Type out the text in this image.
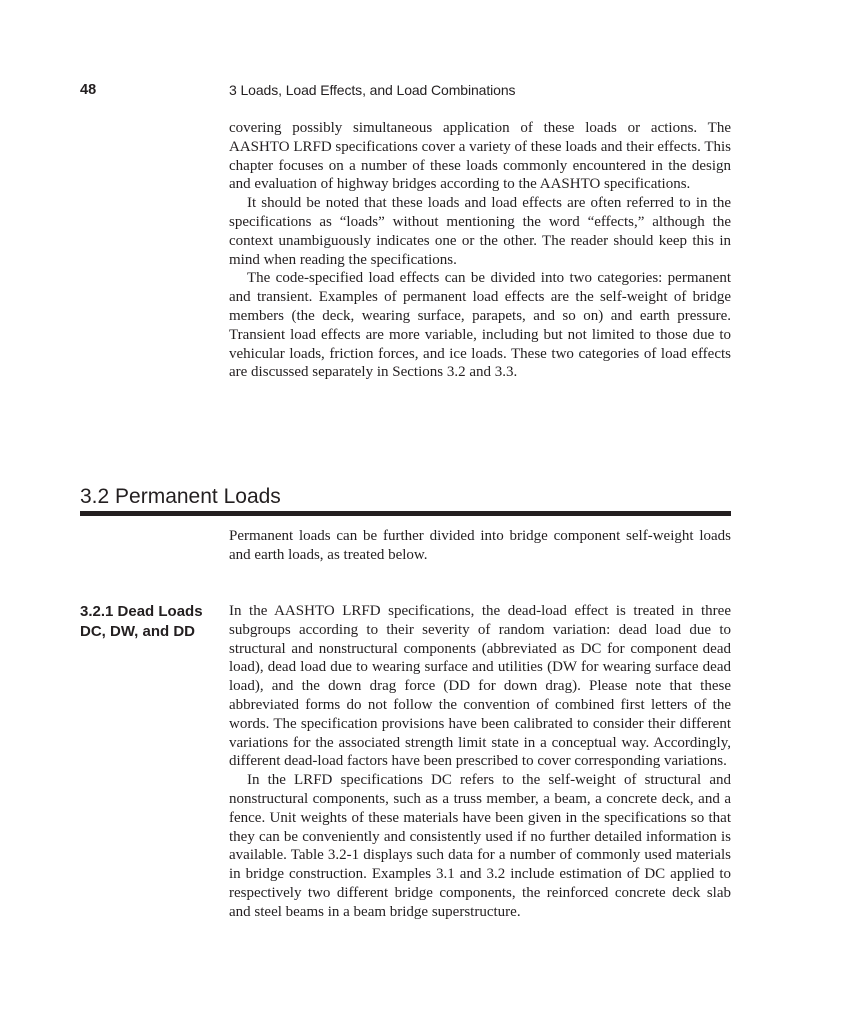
48	3 Loads, Load Effects, and Load Combinations

covering possibly simultaneous application of these loads or actions. The AASHTO LRFD specifications cover a variety of these loads and their effects. This chapter focuses on a number of these loads commonly encountered in the design and evaluation of highway bridges according to the AASHTO specifications.

It should be noted that these loads and load effects are often referred to in the specifications as “loads” without mentioning the word “effects,” although the context unambiguously indicates one or the other. The reader should keep this in mind when reading the specifications.

The code-specified load effects can be divided into two categories: permanent and transient. Examples of permanent load effects are the self-weight of bridge members (the deck, wearing surface, parapets, and so on) and earth pressure. Transient load effects are more variable, including but not limited to those due to vehicular loads, friction forces, and ice loads. These two categories of load effects are discussed separately in Sections 3.2 and 3.3.

3.2 Permanent Loads

Permanent loads can be further divided into bridge component self-weight loads and earth loads, as treated below.

3.2.1 Dead Loads DC, DW, and DD

In the AASHTO LRFD specifications, the dead-load effect is treated in three subgroups according to their severity of random variation: dead load due to structural and nonstructural components (abbreviated as DC for component dead load), dead load due to wearing surface and utilities (DW for wearing surface dead load), and the down drag force (DD for down drag). Please note that these abbreviated forms do not follow the convention of combined first letters of the words. The specification provisions have been calibrated to consider their different variations for the associated strength limit state in a conceptual way. Accordingly, different dead-load factors have been prescribed to cover corresponding variations.

In the LRFD specifications DC refers to the self-weight of structural and nonstructural components, such as a truss member, a beam, a concrete deck, and a fence. Unit weights of these materials have been given in the specifications so that they can be conveniently and consistently used if no further detailed information is available. Table 3.2-1 displays such data for a number of commonly used materials in bridge construction. Examples 3.1 and 3.2 include estimation of DC applied to respectively two different bridge components, the reinforced concrete deck slab and steel beams in a beam bridge superstructure.
